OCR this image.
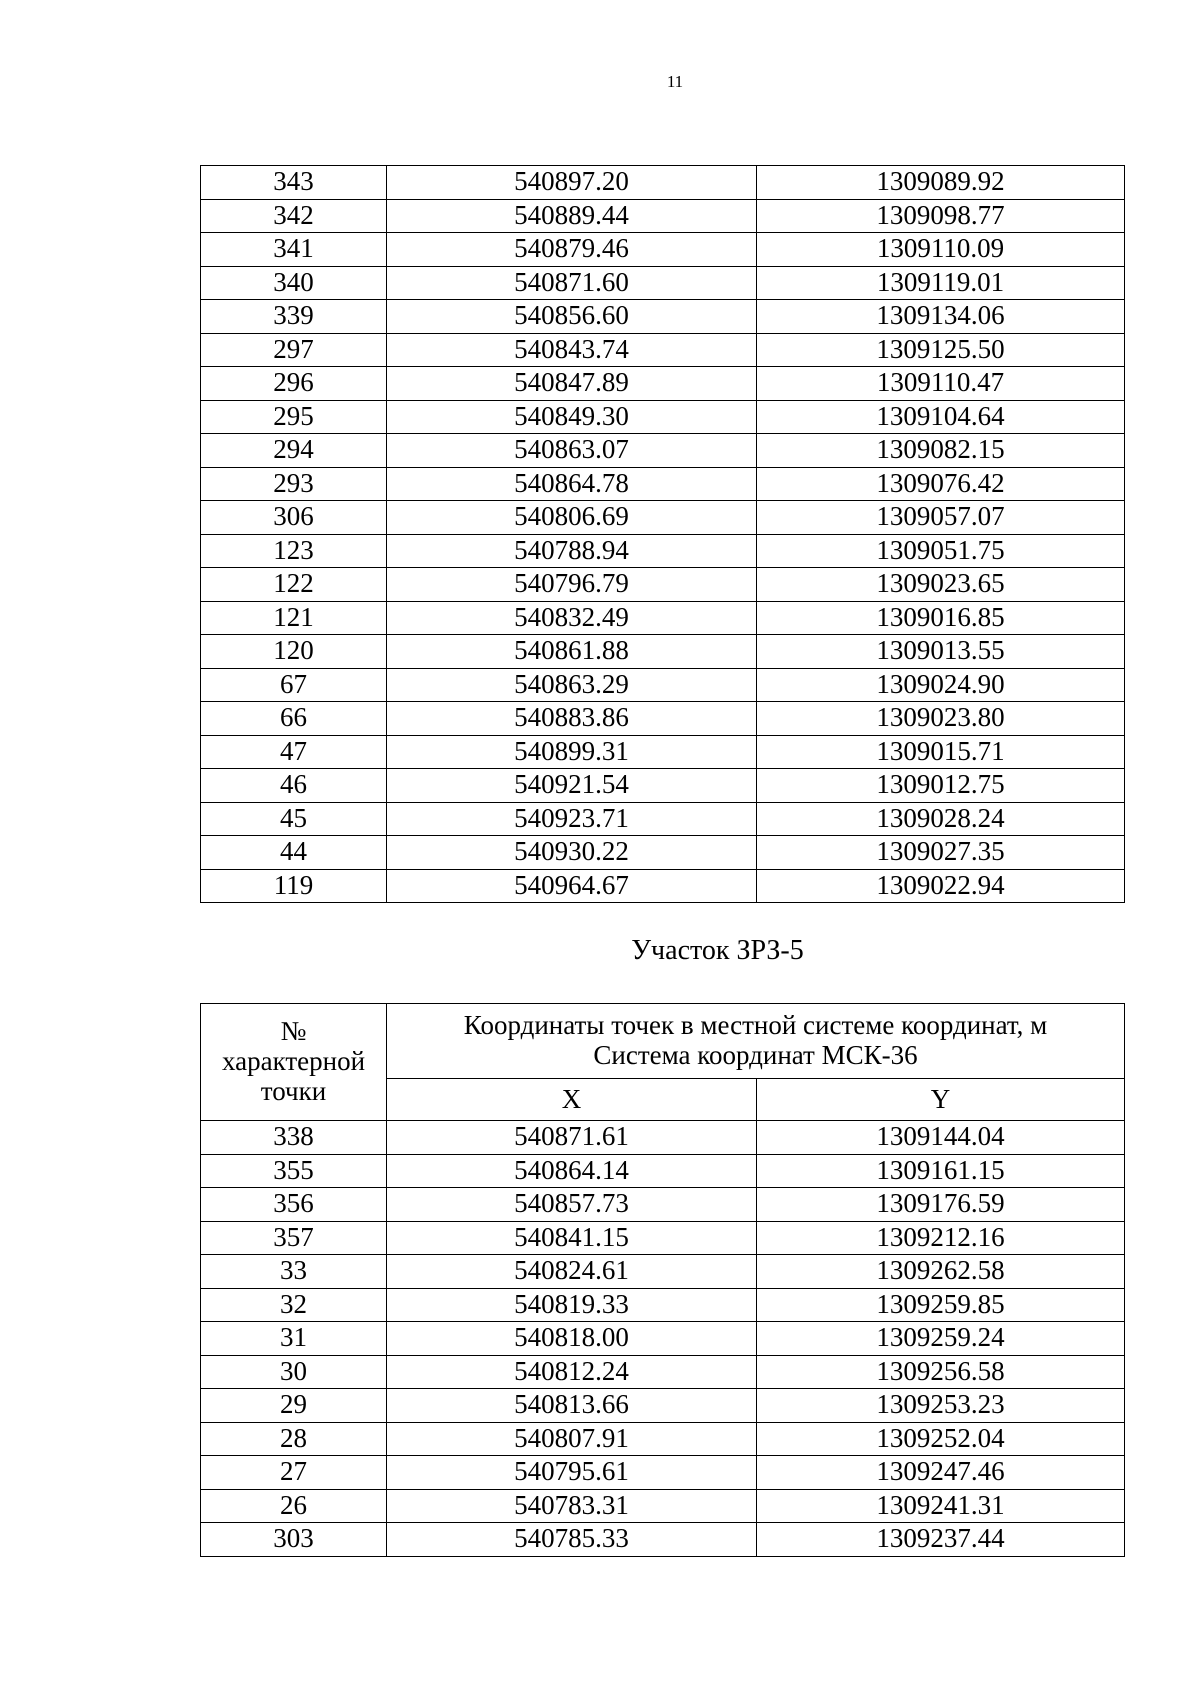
11
343	540897.20	1309089.92
342	540889.44	1309098.77
341	540879.46	1309110.09
340	540871.60	1309119.01
339	540856.60	1309134.06
297	540843.74	1309125.50
296	540847.89	1309110.47
295	540849.30	1309104.64
294	540863.07	1309082.15
293	540864.78	1309076.42
306	540806.69	1309057.07
123	540788.94	1309051.75
122	540796.79	1309023.65
121	540832.49	1309016.85
120	540861.88	1309013.55
67	540863.29	1309024.90
66	540883.86	1309023.80
47	540899.31	1309015.71
46	540921.54	1309012.75
45	540923.71	1309028.24
44	540930.22	1309027.35
119	540964.67	1309022.94
Участок ЗРЗ-5
№
характерной
точки	Координаты точек в местной системе координат, м
Система координат МСК-36	

	X	Y
338	540871.61	1309144.04
355	540864.14	1309161.15
356	540857.73	1309176.59
357	540841.15	1309212.16
33	540824.61	1309262.58
32	540819.33	1309259.85
31	540818.00	1309259.24
30	540812.24	1309256.58
29	540813.66	1309253.23
28	540807.91	1309252.04
27	540795.61	1309247.46
26	540783.31	1309241.31
303	540785.33	1309237.44
